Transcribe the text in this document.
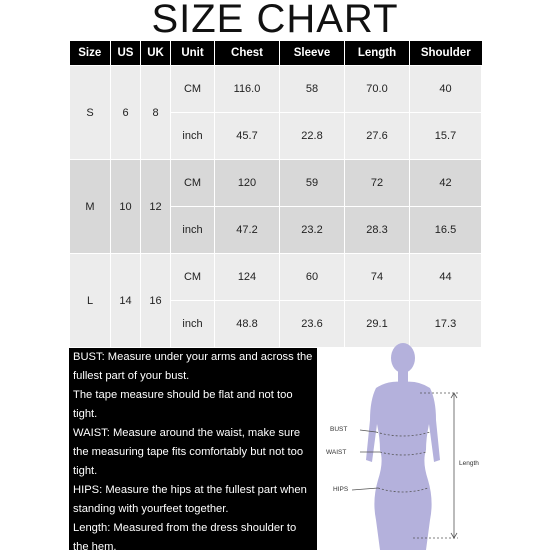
SIZE CHART
Size	US	UK	Unit	Chest	Sleeve	Length	Shoulder
S	6	8	CM	116.0	58	70.0	40
			inch	45.7	22.8	27.6	15.7
M	10	12	CM	120	59	72	42
			inch	47.2	23.2	28.3	16.5
L	14	16	CM	124	60	74	44
			inch	48.8	23.6	29.1	17.3
BUST: Measure under your arms and across the fullest part of your bust.
The tape measure should be flat and not too tight.
WAIST: Measure around the waist, make sure the measuring tape fits comfortably but not too tight.
HIPS: Measure the hips at the fullest part when standing with yourfeet together.
Length: Measured from the dress shoulder to the hem.
BUST
WAIST
HIPS
Length
